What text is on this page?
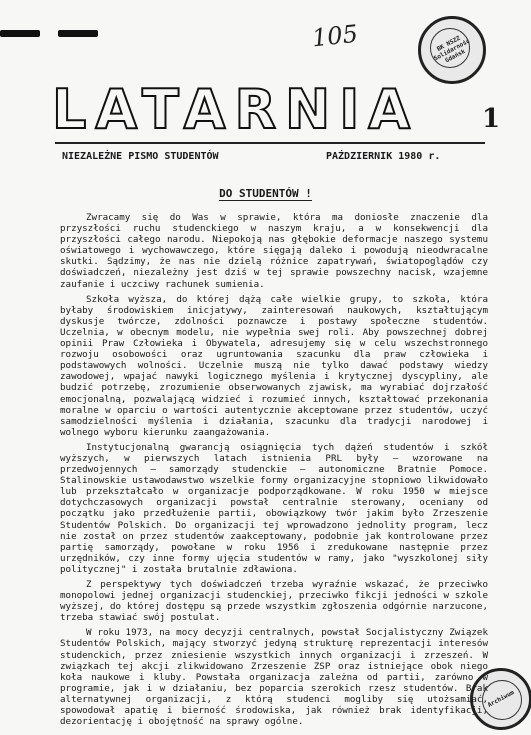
105	BK NSZZ Solidarność Gdańsk
Archiwum
LATARNIA 1
NIEZALEŻNE PISMO STUDENTÓW	PAŹDZIERNIK 1980 r.
DO STUDENTÓW !

Zwracamy się do Was w sprawie, która ma doniosłe znaczenie dla przyszłości ruchu studenckiego w naszym kraju, a w konsekwencji dla przyszłości całego narodu. Niepokoją nas głębokie deformacje naszego systemu oświatowego i wychowawczego, które sięgają daleko i powodują nieodwracalne skutki. Sądzimy, że nas nie dzielą różnice zapatrywań, światopoglądów czy doświadczeń, niezależny jest dziś w tej sprawie powszechny nacisk, wzajemne zaufanie i uczciwy rachunek sumienia.

Szkoła wyższa, do której dążą całe wielkie grupy, to szkoła, która byłaby środowiskiem inicjatywy, zainteresowań naukowych, kształtującym dyskusje twórcze, zdolności poznawcze i postawy społeczne studentów. Uczelnia, w obecnym modelu, nie wypełnia swej roli. Aby powszechnej dobrej opinii Praw Człowieka i Obywatela, adresujemy się w celu wszechstronnego rozwoju osobowości oraz ugruntowania szacunku dla praw człowieka i podstawowych wolności. Uczelnie muszą nie tylko dawać podstawy wiedzy zawodowej, wpajać nawyki logicznego myślenia i krytycznej dyscypliny, ale budzić potrzebę, zrozumienie obserwowanych zjawisk, ma wyrabiać dojrzałość emocjonalną, pozwalającą widzieć i rozumieć innych, kształtować przekonania moralne w oparciu o wartości autentycznie akceptowane przez studentów, uczyć samodzielności myślenia i działania, szacunku dla tradycji narodowej i wolnego wyboru kierunku zaangażowania.

Instytucjonalną gwarancją osiągnięcia tych dążeń studentów i szkół wyższych, w pierwszych latach istnienia PRL były – wzorowane na przedwojennych – samorządy studenckie – autonomiczne Bratnie Pomoce. Stalinowskie ustawodawstwo wszelkie formy organizacyjne stopniowo likwidowało lub przekształcało w organizacje podporządkowane. W roku 1950 w miejsce dotychczasowych organizacji powstał centralnie sterowany, oceniany od początku jako przedłużenie partii, obowiązkowy twór jakim było Zrzeszenie Studentów Polskich. Do organizacji tej wprowadzono jednolity program, lecz nie został on przez studentów zaakceptowany, podobnie jak kontrolowane przez partię samorządy, powołane w roku 1956 i zredukowane następnie przez urzędników, czy inne formy ujęcia studentów w ramy, jako "wyszkolonej siły politycznej" i została brutalnie zdławiona.

Z perspektywy tych doświadczeń trzeba wyraźnie wskazać, że przeciwko monopolowi jednej organizacji studenckiej, przeciwko fikcji jedności w szkole wyższej, do której dostępu są przede wszystkim zgłoszenia odgórnie narzucone, trzeba stawiać swój postulat.

W roku 1973, na mocy decyzji centralnych, powstał Socjalistyczny Związek Studentów Polskich, mający stworzyć jedyną strukturę reprezentacji interesów studenckich, przez zniesienie wszystkich innych organizacji i zrzeszeń. W związkach tej akcji zlikwidowano Zrzeszenie ZSP oraz istniejące obok niego koła naukowe i kluby. Powstała organizacja zależna od partii, zarówno w programie, jak i w działaniu, bez poparcia szerokich rzesz studentów. Brak alternatywnej organizacji, z którą studenci mogliby się utożsamiać, spowodował apatię i bierność środowiska, jak również brak identyfikacji, dezorientację i obojętność na sprawy ogólne.
